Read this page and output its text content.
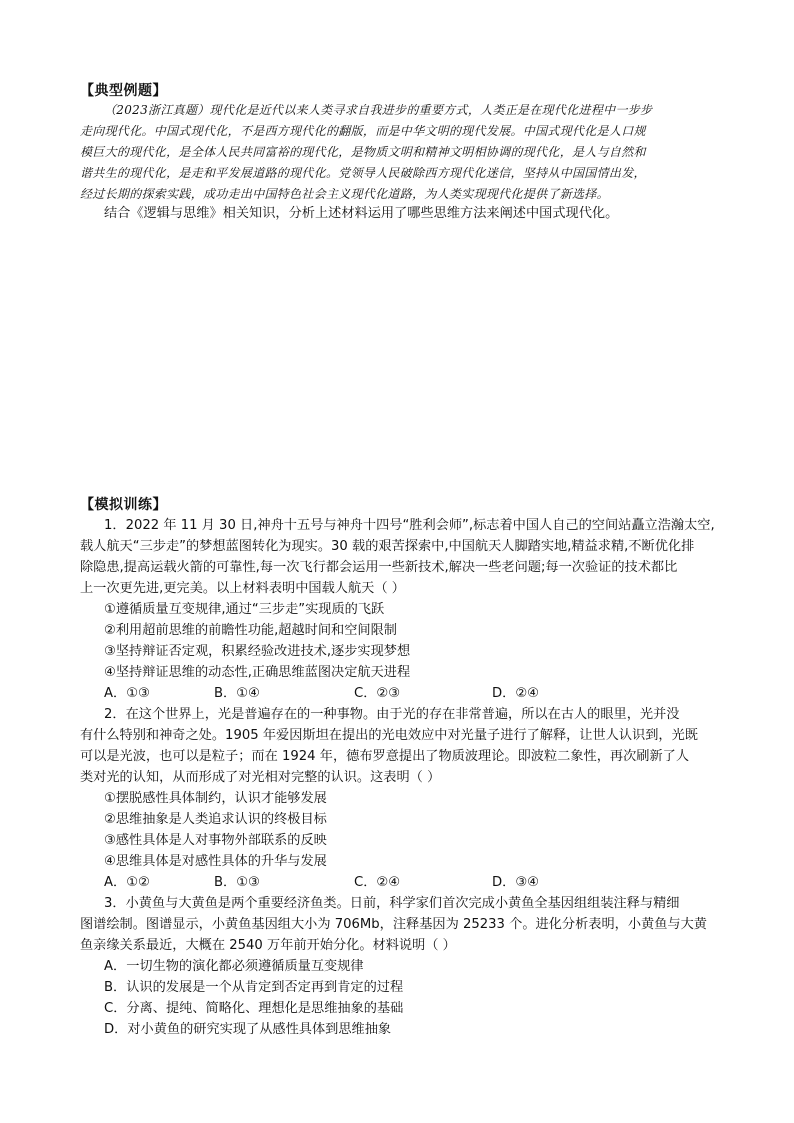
【典型例题】
（2023浙江真题）现代化是近代以来人类寻求自我进步的重要方式，人类正是在现代化进程中一步步
走向现代化。中国式现代化，不是西方现代化的翻版，而是中华文明的现代发展。中国式现代化是人口规
模巨大的现代化，是全体人民共同富裕的现代化，是物质文明和精神文明相协调的现代化，是人与自然和
谐共生的现代化，是走和平发展道路的现代化。党领导人民破除西方现代化迷信，坚持从中国国情出发，
经过长期的探索实践，成功走出中国特色社会主义现代化道路，为人类实现现代化提供了新选择。
结合《逻辑与思维》相关知识，分析上述材料运用了哪些思维方法来阐述中国式现代化。
【模拟训练】
1．2022 年 11 月 30 日,神舟十五号与神舟十四号“胜利会师”,标志着中国人自己的空间站矗立浩瀚太空,
载人航天“三步走”的梦想蓝图转化为现实。30 载的艰苦探索中,中国航天人脚踏实地,精益求精,不断优化排
除隐患,提高运载火箭的可靠性,每一次飞行都会运用一些新技术,解决一些老问题;每一次验证的技术都比
上一次更先进,更完美。以上材料表明中国载人航天（ ）
①遵循质量互变规律,通过“三步走”实现质的飞跃
②利用超前思维的前瞻性功能,超越时间和空间限制
③坚持辩证否定观，积累经验改进技术,逐步实现梦想
④坚持辩证思维的动态性,正确思维蓝图决定航天进程
A．①③	B．①④	C．②③	D．②④
2．在这个世界上，光是普遍存在的一种事物。由于光的存在非常普遍，所以在古人的眼里，光并没
有什么特别和神奇之处。1905 年爱因斯坦在提出的光电效应中对光量子进行了解释，让世人认识到，光既
可以是光波，也可以是粒子；而在 1924 年，德布罗意提出了物质波理论。即波粒二象性，再次刷新了人
类对光的认知，从而形成了对光相对完整的认识。这表明（ ）
①摆脱感性具体制约，认识才能够发展
②思维抽象是人类追求认识的终极目标
③感性具体是人对事物外部联系的反映
④思维具体是对感性具体的升华与发展
A．①②	B．①③	C．②④	D．③④
3．小黄鱼与大黄鱼是两个重要经济鱼类。日前，科学家们首次完成小黄鱼全基因组组装注释与精细
图谱绘制。图谱显示，小黄鱼基因组大小为 706Mb，注释基因为 25233 个。进化分析表明，小黄鱼与大黄
鱼亲缘关系最近，大概在 2540 万年前开始分化。材料说明（ ）
A．一切生物的演化都必须遵循质量互变规律
B．认识的发展是一个从肯定到否定再到肯定的过程
C．分离、提纯、简略化、理想化是思维抽象的基础
D．对小黄鱼的研究实现了从感性具体到思维抽象
